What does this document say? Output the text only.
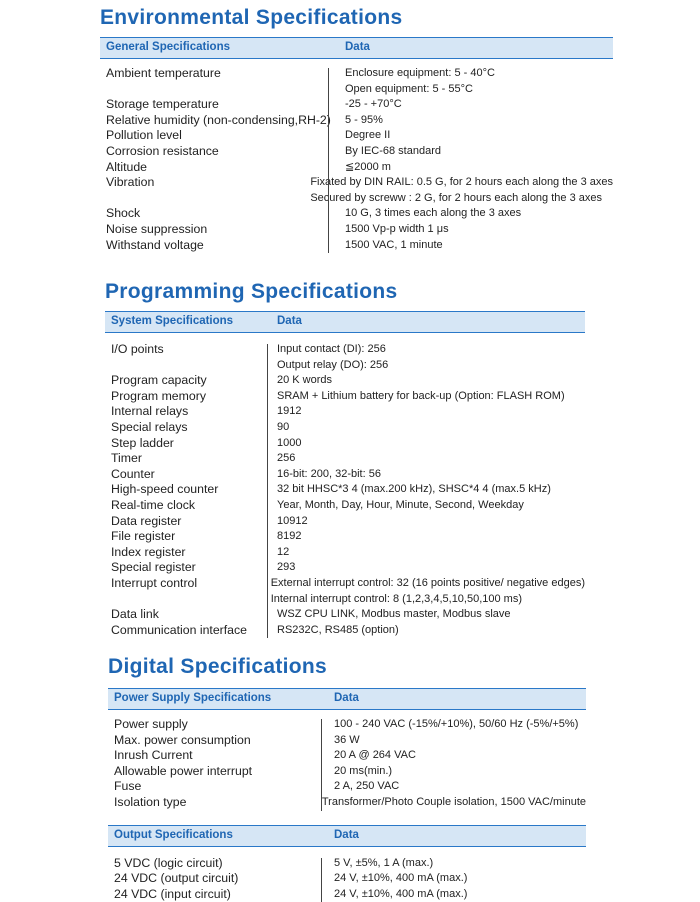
Environmental Specifications
General Specifications	Data
Ambient temperature	Enclosure equipment: 5 - 40°C
Open equipment: 5 - 55°C
Storage temperature	-25 - +70°C
Relative humidity (non-condensing,RH-2) 5 - 95%
Pollution level	Degree II
Corrosion resistance	By IEC-68 standard
Altitude	≦2000 m
Vibration	Fixated by DIN RAIL: 0.5 G, for 2 hours each along the 3 axes
Secured by screww : 2 G, for 2 hours each along the 3 axes
Shock	10 G, 3 times each along the 3 axes
Noise suppression	1500 Vp-p width 1 μs
Withstand voltage	1500 VAC, 1 minute
Programming Specifications
System Specifications	Data
I/O points	Input contact (DI): 256
Output relay (DO): 256
Program capacity	20 K words
Program memory	SRAM + Lithium battery for back-up (Option: FLASH ROM)
Internal relays	1912
Special relays	90
Step ladder	1000
Timer	256
Counter	16-bit: 200, 32-bit: 56
High-speed counter	32 bit HHSC*3 4 (max.200 kHz), SHSC*4 4 (max.5 kHz)
Real-time clock	Year, Month, Day, Hour, Minute, Second, Weekday
Data register	10912
File register	8192
Index register	12
Special register	293
Interrupt control	External interrupt control: 32 (16 points positive/ negative edges)
Internal interrupt control: 8 (1,2,3,4,5,10,50,100 ms)
Data link	WSZ CPU LINK, Modbus master, Modbus slave
Communication interface	RS232C, RS485 (option)
Digital Specifications
Power Supply Specifications	Data
Power supply	100 - 240 VAC (-15%/+10%), 50/60 Hz (-5%/+5%)
Max. power consumption	36 W
Inrush Current	20 A @ 264 VAC
Allowable power interrupt	20 ms(min.)
Fuse	2 A, 250 VAC
Isolation type	Transformer/Photo Couple isolation, 1500 VAC/minute
Output Specifications	Data
5 VDC (logic circuit)	5 V, ±5%, 1 A (max.)
24 VDC (output circuit)	24 V, ±10%, 400 mA (max.)
24 VDC (input circuit)	24 V, ±10%, 400 mA (max.)
